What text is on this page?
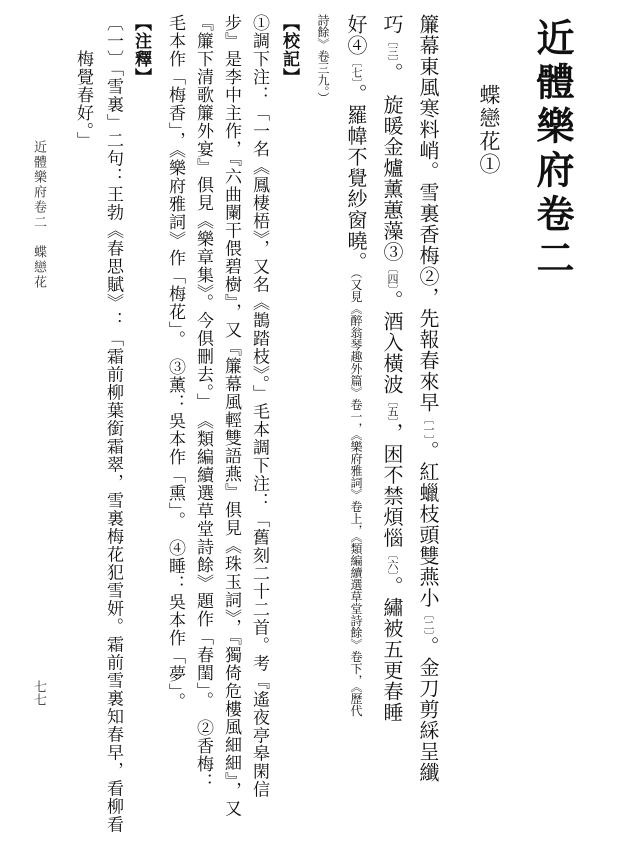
近體樂府卷二
蝶戀花①
簾幕東風寒料峭。雪裏香梅②，先報春來早〔一〕。紅蠟枝頭雙燕小〔二〕。金刀剪綵呈纖
巧〔三〕。　旋暖金爐薰蕙藻③〔四〕。酒入橫波〔五〕，困不禁煩惱〔六〕。繡被五更春睡
好④〔七〕。羅幃不覺紗窗曉。（又見《醉翁琴趣外篇》卷一，《樂府雅詞》卷上，《類編續選草堂詩餘》卷下，《歷代
詩餘》卷三九。）
【校記】
①調下注：「一名《鳳棲梧》，又名《鵲踏枝》。」毛本調下注：「舊刻二十二首。考『遙夜亭皋閑信
步』是李中主作，『六曲闌干偎碧樹』，又『簾幕風輕雙語燕』俱見《珠玉詞》，『獨倚危樓風細細』，又
『簾下清歌簾外宴』俱見《樂章集》。今俱刪去。」　《類編續選草堂詩餘》題作「春閨」。　②香梅：
毛本作「梅香」，《樂府雅詞》作「梅花」。　③薰：吳本作「熏」。　④睡：吳本作「夢」。
【注釋】
〔一〕「雪裏」二句：王勃《春思賦》：「霜前柳葉銜霜翠，雪裏梅花犯雪妍。霜前雪裏知春早，看柳看
梅覺春好。」
近體樂府卷二　蝶戀花
七七
